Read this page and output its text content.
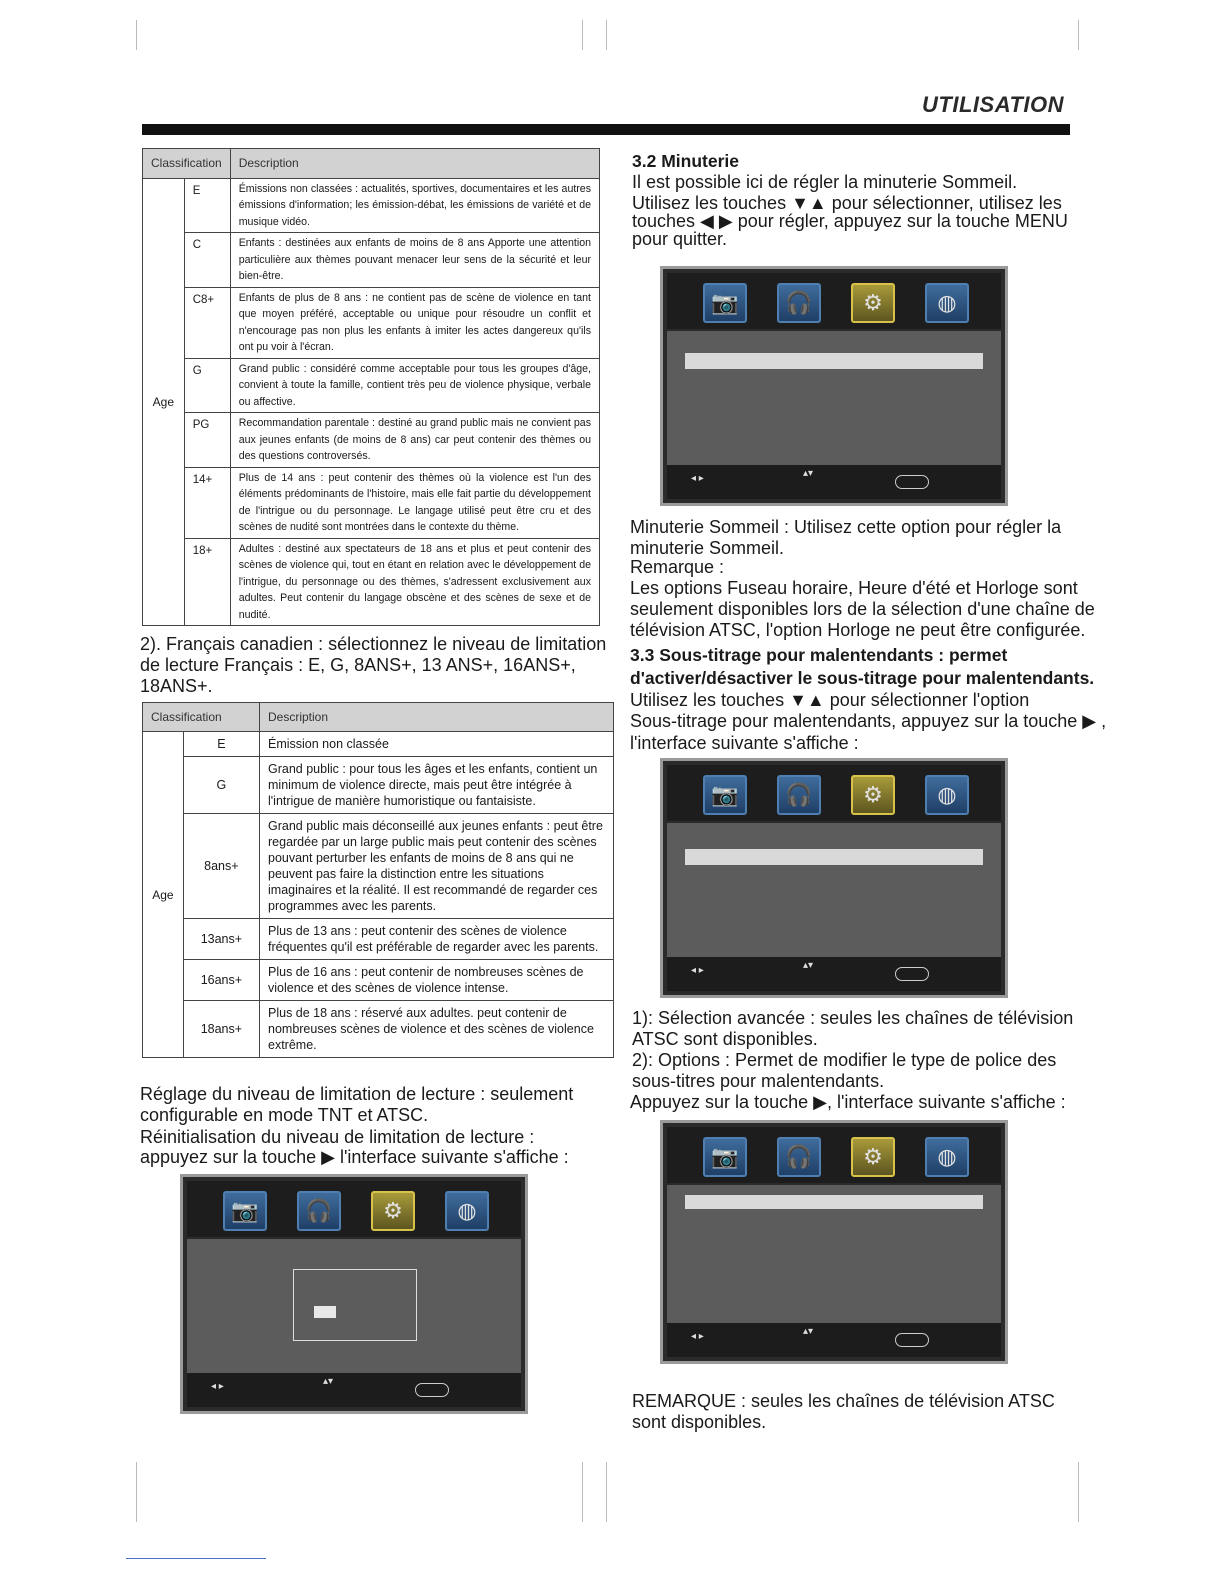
UTILISATION
Classification		Description
Age	E	Émissions non classées : actualités, sportives, documentaires et les autres émissions d'information; les émission-débat, les émissions de variété et de musique vidéo.
	C	Enfants : destinées aux enfants de moins de 8 ans Apporte une attention particulière aux thèmes pouvant menacer leur sens de la sécurité et leur bien-être.
	C8+	Enfants de plus de 8 ans : ne contient pas de scène de violence en tant que moyen préféré, acceptable ou unique pour résoudre un conflit et n'encourage pas non plus les enfants à imiter les actes dangereux qu'ils ont pu voir à l'écran.
	G	Grand public : considéré comme acceptable pour tous les groupes d'âge, convient à toute la famille, contient très peu de violence physique, verbale ou affective.
	PG	Recommandation parentale : destiné au grand public mais ne convient pas aux jeunes enfants (de moins de 8 ans) car peut contenir des thèmes ou des questions controversés.
	14+	Plus de 14 ans : peut contenir des thèmes où la violence est l'un des éléments prédominants de l'histoire, mais elle fait partie du développement de l'intrigue ou du personnage. Le langage utilisé peut être cru et des scènes de nudité sont montrées dans le contexte du thème.
	18+	Adultes : destiné aux spectateurs de 18 ans et plus et peut contenir des scènes de violence qui, tout en étant en relation avec le développement de l'intrigue, du personnage ou des thèmes, s'adressent exclusivement aux adultes. Peut contenir du langage obscène et des scènes de sexe et de nudité.
2). Français canadien : sélectionnez le niveau de limitation de lecture Français : E, G, 8ANS+, 13 ANS+, 16ANS+, 18ANS+.
Classification		Description
Age	E	Émission non classée
	G	Grand public : pour tous les âges et les enfants, contient un minimum de violence directe, mais peut être intégrée à l'intrigue de manière humoristique ou fantaisiste.
	8ans+	Grand public mais déconseillé aux jeunes enfants : peut être regardée par un large public mais peut contenir des scènes pouvant perturber les enfants de moins de 8 ans qui ne peuvent pas faire la distinction entre les situations imaginaires et la réalité. Il est recommandé de regarder ces programmes avec les parents.
	13ans+	Plus de 13 ans : peut contenir des scènes de violence fréquentes qu'il est préférable de regarder avec les parents.
	16ans+	Plus de 16 ans : peut contenir de nombreuses scènes de violence et des scènes de violence intense.
	18ans+	Plus de 18 ans : réservé aux adultes. peut contenir de nombreuses scènes de violence et des scènes de violence extrême.
Réglage du niveau de limitation de lecture : seulement configurable en mode TNT et ATSC.
Réinitialisation du niveau de limitation de lecture :
appuyez sur la touche ▶ l'interface suivante s'affiche :
📷	🎧	⚙	◍
◂ ▸	▴▾
3.2 Minuterie
Il est possible ici de régler la minuterie Sommeil.
Utilisez les touches ▼▲ pour sélectionner, utilisez les
touches ◀ ▶ pour régler, appuyez sur la touche MENU
pour quitter.
📷	🎧	⚙	◍
◂ ▸	▴▾
Minuterie Sommeil : Utilisez cette option pour régler la minuterie Sommeil.
Remarque :
Les options Fuseau horaire, Heure d'été et Horloge sont seulement disponibles lors de la sélection d'une chaîne de télévision ATSC, l'option Horloge ne peut être configurée.
3.3 Sous-titrage pour malentendants : permet
d'activer/désactiver le sous-titrage pour malentendants.
Utilisez les touches ▼▲ pour sélectionner l'option
Sous-titrage pour malentendants, appuyez sur la touche ▶ ,
l'interface suivante s'affiche :
📷	🎧	⚙	◍
◂ ▸	▴▾
1): Sélection avancée : seules les chaînes de télévision ATSC sont disponibles.
2): Options : Permet de modifier le type de police des sous-titres pour malentendants.
Appuyez sur la touche ▶, l'interface suivante s'affiche :
📷	🎧	⚙	◍
◂ ▸	▴▾
REMARQUE : seules les chaînes de télévision ATSC sont disponibles.
